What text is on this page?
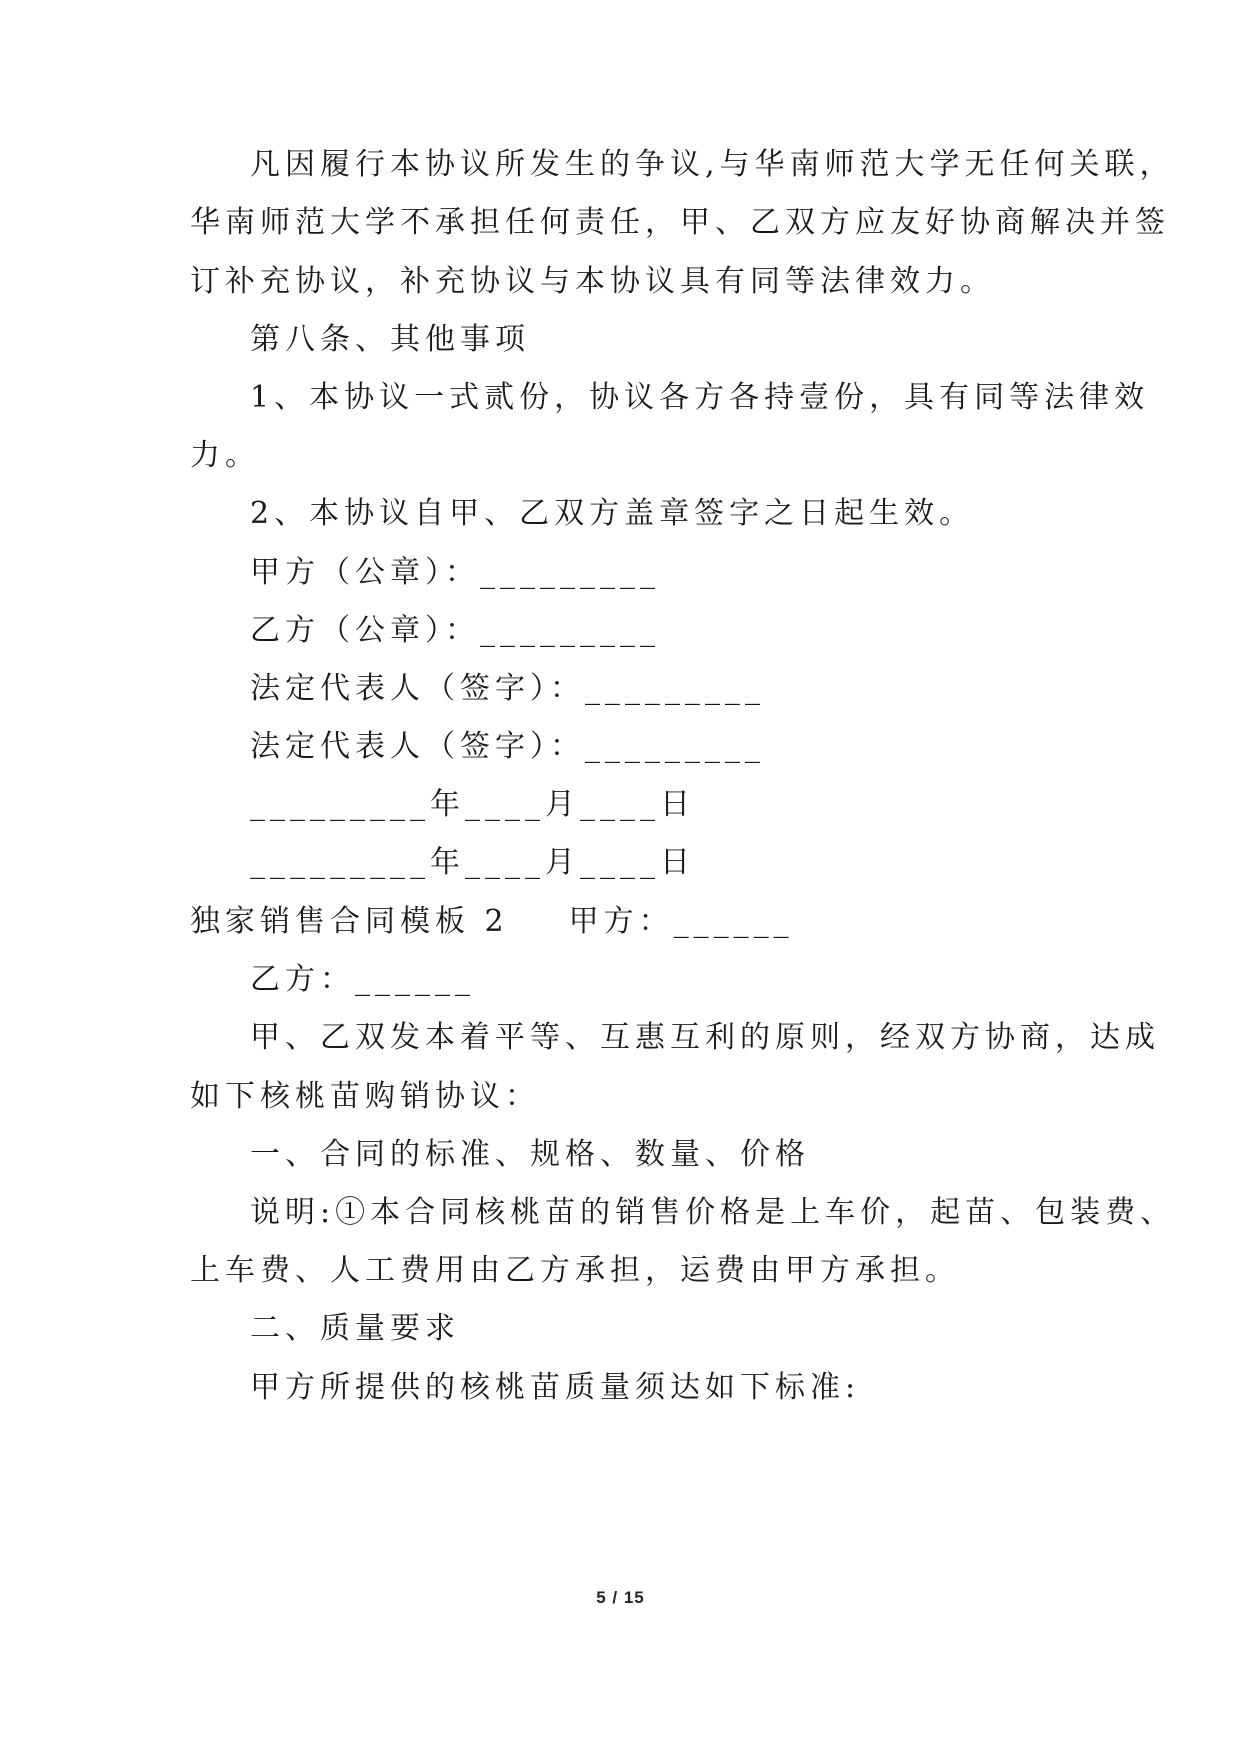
凡因履行本协议所发生的争议,与华南师范大学无任何关联，
华南师范大学不承担任何责任，甲、乙双方应友好协商解决并签
订补充协议，补充协议与本协议具有同等法律效力。
第八条、其他事项
1、本协议一式贰份，协议各方各持壹份，具有同等法律效
力。
2、本协议自甲、乙双方盖章签字之日起生效。
甲方（公章）：_________
乙方（公章）：_________
法定代表人（签字）：_________
法定代表人（签字）：_________
_________年____月____日
_________年____月____日
独家销售合同模板 2 甲方：______
乙方：______
甲、乙双发本着平等、互惠互利的原则，经双方协商，达成
如下核桃苗购销协议：
一、合同的标准、规格、数量、价格
说明:①本合同核桃苗的销售价格是上车价，起苗、包装费、
上车费、人工费用由乙方承担，运费由甲方承担。
二、质量要求
甲方所提供的核桃苗质量须达如下标准:
5 / 15
